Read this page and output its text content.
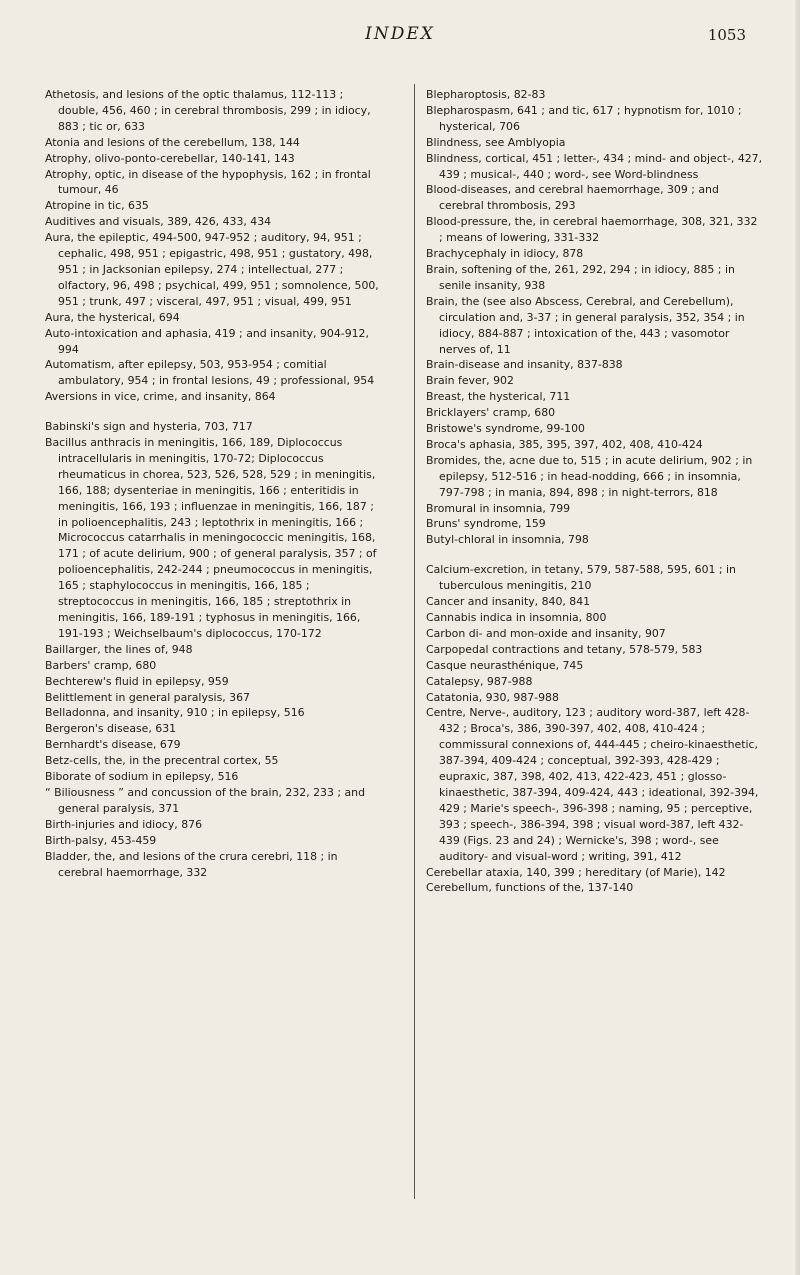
INDEX	1053

Athetosis, and lesions of the optic thalamus, 112-113 ; double, 456, 460 ; in cerebral thrombosis, 299 ; in idiocy, 883 ; tic or, 633

Atonia and lesions of the cerebellum, 138, 144

Atrophy, olivo-ponto-cerebellar, 140-141, 143

Atrophy, optic, in disease of the hypophysis, 162 ; in frontal tumour, 46

Atropine in tic, 635

Auditives and visuals, 389, 426, 433, 434

Aura, the epileptic, 494-500, 947-952 ; auditory, 94, 951 ; cephalic, 498, 951 ; epigastric, 498, 951 ; gustatory, 498, 951 ; in Jacksonian epilepsy, 274 ; intellectual, 277 ; olfactory, 96, 498 ; psychical, 499, 951 ; somnolence, 500, 951 ; trunk, 497 ; visceral, 497, 951 ; visual, 499, 951

Aura, the hysterical, 694

Auto-intoxication and aphasia, 419 ; and insanity, 904-912, 994

Automatism, after epilepsy, 503, 953-954 ; comitial ambulatory, 954 ; in frontal lesions, 49 ; professional, 954

Aversions in vice, crime, and insanity, 864

Babinski's sign and hysteria, 703, 717

Bacillus anthracis in meningitis, 166, 189, Diplococcus intracellularis in meningitis, 170-72; Diplococcus rheumaticus in chorea, 523, 526, 528, 529 ; in meningitis, 166, 188; dysenteriae in meningitis, 166 ; enteritidis in meningitis, 166, 193 ; influenzae in meningitis, 166, 187 ; in polioencephalitis, 243 ; leptothrix in meningitis, 166 ; Micrococcus catarrhalis in meningococcic meningitis, 168, 171 ; of acute delirium, 900 ; of general paralysis, 357 ; of polioencephalitis, 242-244 ; pneumococcus in meningitis, 165 ; staphylococcus in meningitis, 166, 185 ; streptococcus in meningitis, 166, 185 ; streptothrix in meningitis, 166, 189-191 ; typhosus in meningitis, 166, 191-193 ; Weichselbaum's diplococcus, 170-172

Baillarger, the lines of, 948

Barbers' cramp, 680

Bechterew's fluid in epilepsy, 959

Belittlement in general paralysis, 367

Belladonna, and insanity, 910 ; in epilepsy, 516

Bergeron's disease, 631

Bernhardt's disease, 679

Betz-cells, the, in the precentral cortex, 55

Biborate of sodium in epilepsy, 516

“ Biliousness ” and concussion of the brain, 232, 233 ; and general paralysis, 371

Birth-injuries and idiocy, 876

Birth-palsy, 453-459

Bladder, the, and lesions of the crura cerebri, 118 ; in cerebral haemorrhage, 332

Blepharoptosis, 82-83

Blepharospasm, 641 ; and tic, 617 ; hypnotism for, 1010 ; hysterical, 706

Blindness, see Amblyopia

Blindness, cortical, 451 ; letter-, 434 ; mind- and object-, 427, 439 ; musical-, 440 ; word-, see Word-blindness

Blood-diseases, and cerebral haemorrhage, 309 ; and cerebral thrombosis, 293

Blood-pressure, the, in cerebral haemorrhage, 308, 321, 332 ; means of lowering, 331-332

Brachycephaly in idiocy, 878

Brain, softening of the, 261, 292, 294 ; in idiocy, 885 ; in senile insanity, 938

Brain, the (see also Abscess, Cerebral, and Cerebellum), circulation and, 3-37 ; in general paralysis, 352, 354 ; in idiocy, 884-887 ; intoxication of the, 443 ; vasomotor nerves of, 11

Brain-disease and insanity, 837-838

Brain fever, 902

Breast, the hysterical, 711

Bricklayers' cramp, 680

Bristowe's syndrome, 99-100

Broca's aphasia, 385, 395, 397, 402, 408, 410-424

Bromides, the, acne due to, 515 ; in acute delirium, 902 ; in epilepsy, 512-516 ; in head-nodding, 666 ; in insomnia, 797-798 ; in mania, 894, 898 ; in night-terrors, 818

Bromural in insomnia, 799

Bruns' syndrome, 159

Butyl-chloral in insomnia, 798

Calcium-excretion, in tetany, 579, 587-588, 595, 601 ; in tuberculous meningitis, 210

Cancer and insanity, 840, 841

Cannabis indica in insomnia, 800

Carbon di- and mon-oxide and insanity, 907

Carpopedal contractions and tetany, 578-579, 583

Casque neurasthénique, 745

Catalepsy, 987-988

Catatonia, 930, 987-988

Centre, Nerve-, auditory, 123 ; auditory word-387, left 428-432 ; Broca's, 386, 390-397, 402, 408, 410-424 ; commissural connexions of, 444-445 ; cheiro-kinaesthetic, 387-394, 409-424 ; conceptual, 392-393, 428-429 ; eupraxic, 387, 398, 402, 413, 422-423, 451 ; glosso-kinaesthetic, 387-394, 409-424, 443 ; ideational, 392-394, 429 ; Marie's speech-, 396-398 ; naming, 95 ; perceptive, 393 ; speech-, 386-394, 398 ; visual word-387, left 432-439 (Figs. 23 and 24) ; Wernicke's, 398 ; word-, see auditory- and visual-word ; writing, 391, 412

Cerebellar ataxia, 140, 399 ; hereditary (of Marie), 142

Cerebellum, functions of the, 137-140
